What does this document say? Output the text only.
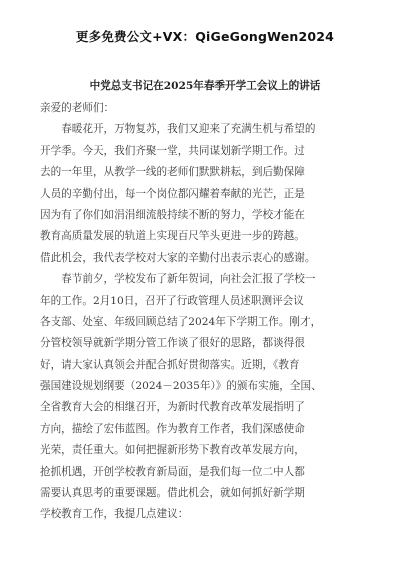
更多免费公文+VX：QiGeGongWen2024
中党总支书记在2025年春季开学工会议上的讲话
亲爱的老师们：
　　春暖花开，万物复苏，我们又迎来了充满生机与希望的
开学季。今天，我们齐聚一堂，共同谋划新学期工作。过
去的一年里，从教学一线的老师们默默耕耘，到后勤保障
人员的辛勤付出，每一个岗位都闪耀着奉献的光芒，正是
因为有了你们如涓涓细流般持续不断的努力，学校才能在
教育高质量发展的轨道上实现百尺竿头更进一步的跨越。
借此机会，我代表学校对大家的辛勤付出表示衷心的感谢。
　　春节前夕，学校发布了新年贺词，向社会汇报了学校一
年的工作。2月10日，召开了行政管理人员述职测评会议
各支部、处室、年级回顾总结了2024年下学期工作。刚才，
分管校领导就新学期分管工作谈了很好的思路，都谈得很
好，请大家认真领会并配合抓好贯彻落实。近期，《教育
强国建设规划纲要（2024－2035年）》的颁布实施，全国、
全省教育大会的相继召开，为新时代教育改革发展指明了
方向，描绘了宏伟蓝图。作为教育工作者，我们深感使命
光荣，责任重大。如何把握新形势下教育改革发展方向，
抢抓机遇，开创学校教育新局面，是我们每一位二中人都
需要认真思考的重要课题。借此机会，就如何抓好新学期
学校教育工作，我提几点建议：
